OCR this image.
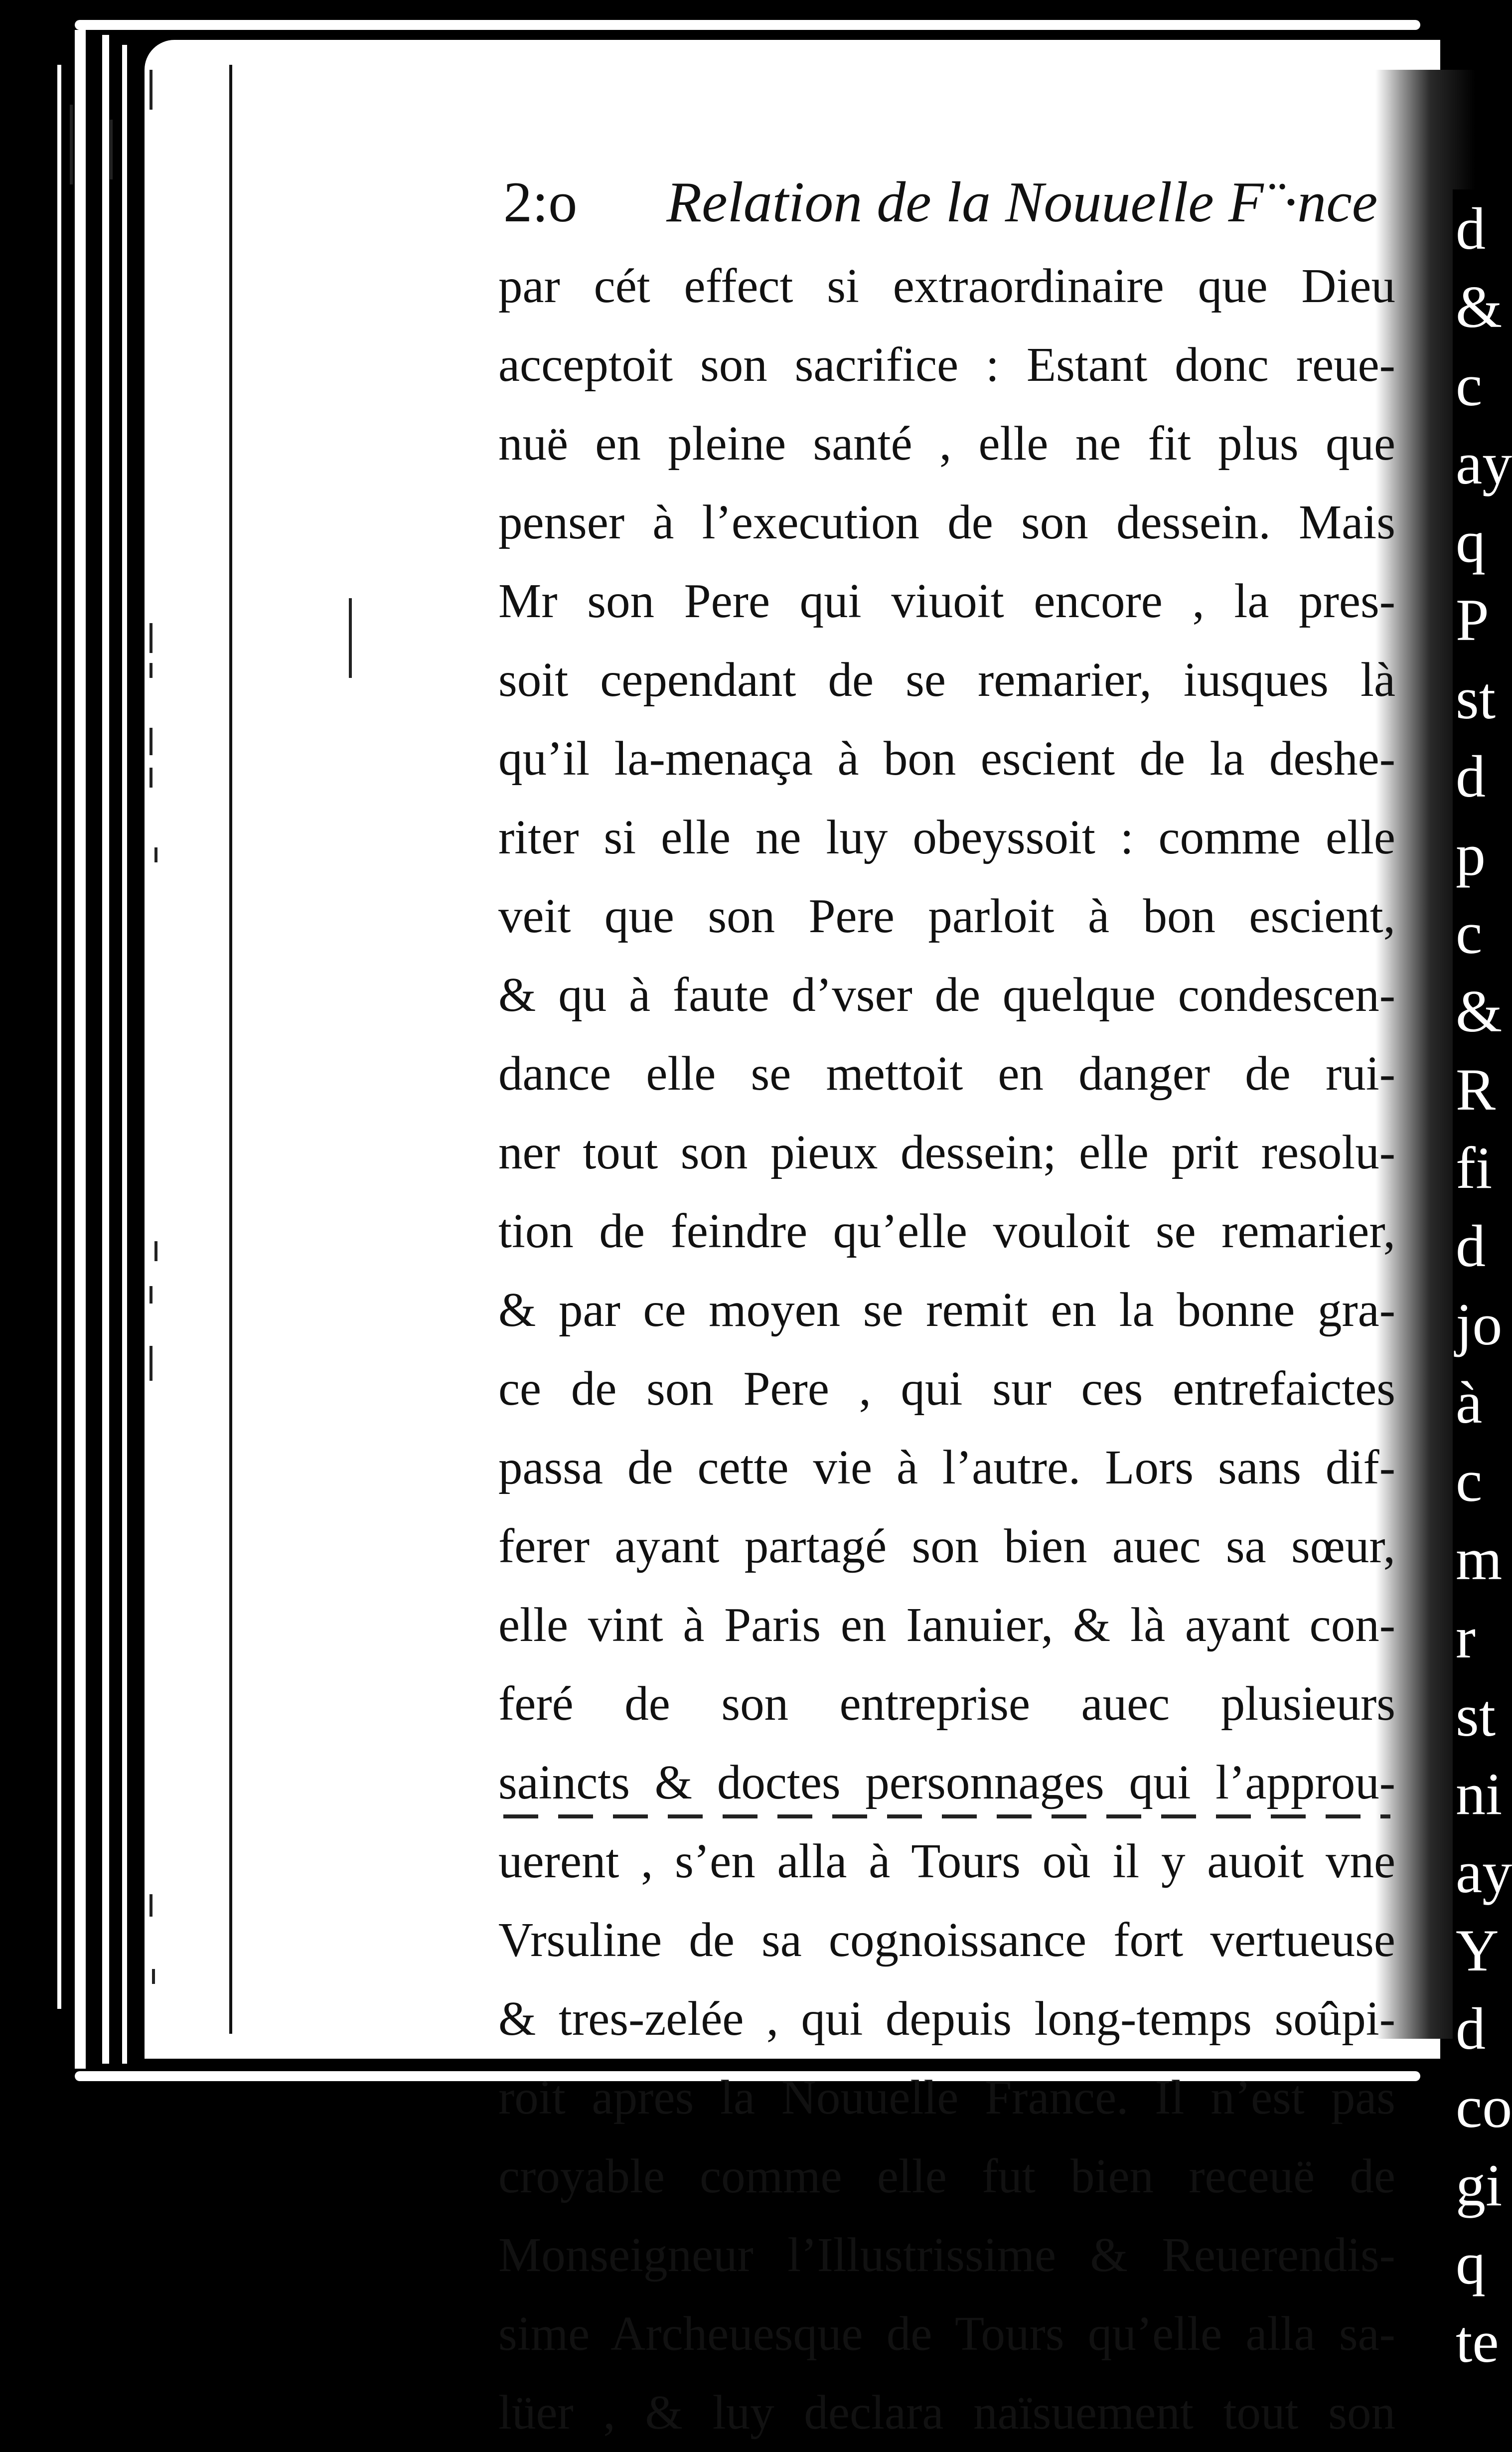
d
&
c
ay
q
P
st
d
p
c
&
R
fi
d
jo
à
c
m
r
st
ni
ay
Y
d
co
gi
q
te
2:o Relation de la Nouuelle F¨·nce
par cét effect si extraordinaire que Dieu
acceptoit son sacrifice : Estant donc reue-
nuë en pleine santé , elle ne fit plus que
penser à l’execution de son dessein. Mais
Mr son Pere qui viuoit encore , la pres-
soit cependant de se remarier, iusques là
qu’il la-menaça à bon escient de la deshe-
riter si elle ne luy obeyssoit : comme elle
veit que son Pere parloit à bon escient,
& qu à faute d’vser de quelque condescen-
dance elle se mettoit en danger de rui-
ner tout son pieux dessein; elle prit resolu-
tion de feindre qu’elle vouloit se remarier,
& par ce moyen se remit en la bonne gra-
ce de son Pere , qui sur ces entrefaictes
passa de cette vie à l’autre. Lors sans dif-
ferer ayant partagé son bien auec sa sœur,
elle vint à Paris en Ianuier, & là ayant con-
feré de son entreprise auec plusieurs
saincts & doctes personnages qui l’approu-
uerent , s’en alla à Tours où il y auoit vne
Vrsuline de sa cognoissance fort vertueuse
& tres-zelée , qui depuis long-temps soûpi-
roit apres la Nouuelle France. Il n’est pas
croyable comme elle fut bien receuë de
Monseigneur l’Illustrissime & Reuerendis-
sime Archeuesque de Tours qu’elle alla sa-
lüer , & luy declara naïsuement tout son
